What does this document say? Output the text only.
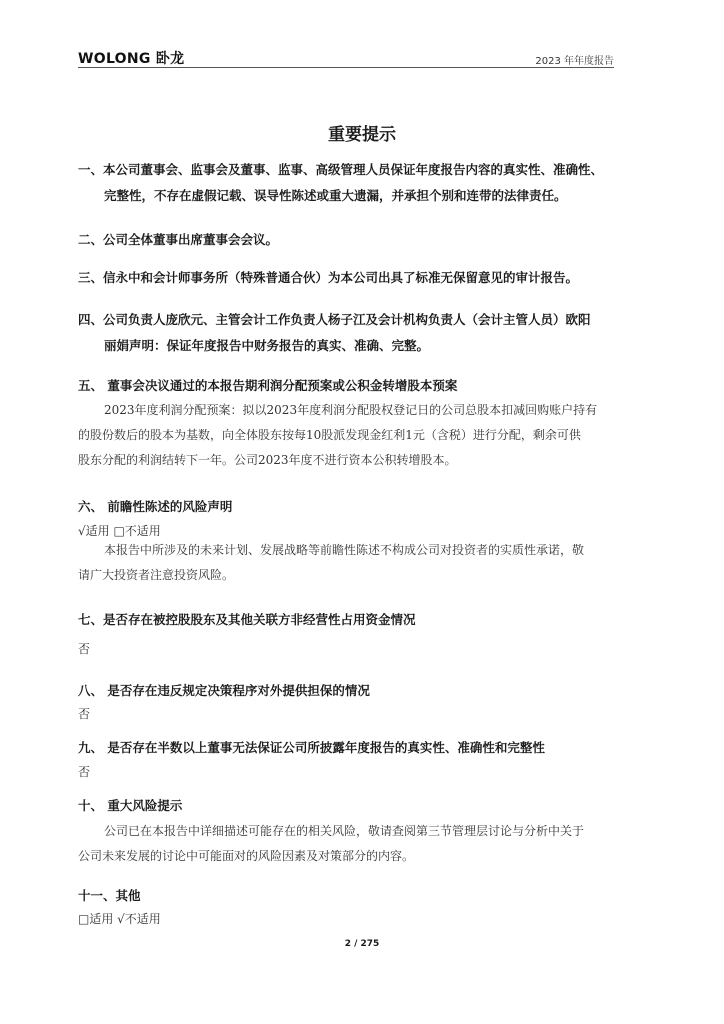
WOLONG 卧龙	2023 年年度报告
重要提示
一、本公司董事会、监事会及董事、监事、高级管理人员保证年度报告内容的真实性、准确性、
完整性，不存在虚假记载、误导性陈述或重大遗漏，并承担个别和连带的法律责任。
二、公司全体董事出席董事会会议。
三、信永中和会计师事务所（特殊普通合伙）为本公司出具了标准无保留意见的审计报告。
四、公司负责人庞欣元、主管会计工作负责人杨子江及会计机构负责人（会计主管人员）欧阳
丽娟声明：保证年度报告中财务报告的真实、准确、完整。
五、 董事会决议通过的本报告期利润分配预案或公积金转增股本预案
2023年度利润分配预案：拟以2023年度利润分配股权登记日的公司总股本扣减回购账户持有
的股份数后的股本为基数，向全体股东按每10股派发现金红利1元（含税）进行分配，剩余可供
股东分配的利润结转下一年。公司2023年度不进行资本公积转增股本。
六、 前瞻性陈述的风险声明
√适用 □不适用
本报告中所涉及的未来计划、发展战略等前瞻性陈述不构成公司对投资者的实质性承诺，敬
请广大投资者注意投资风险。
七、是否存在被控股股东及其他关联方非经营性占用资金情况
否
八、 是否存在违反规定决策程序对外提供担保的情况
否
九、 是否存在半数以上董事无法保证公司所披露年度报告的真实性、准确性和完整性
否
十、 重大风险提示
公司已在本报告中详细描述可能存在的相关风险，敬请查阅第三节管理层讨论与分析中关于
公司未来发展的讨论中可能面对的风险因素及对策部分的内容。
十一、其他
□适用 √不适用
2 / 275
